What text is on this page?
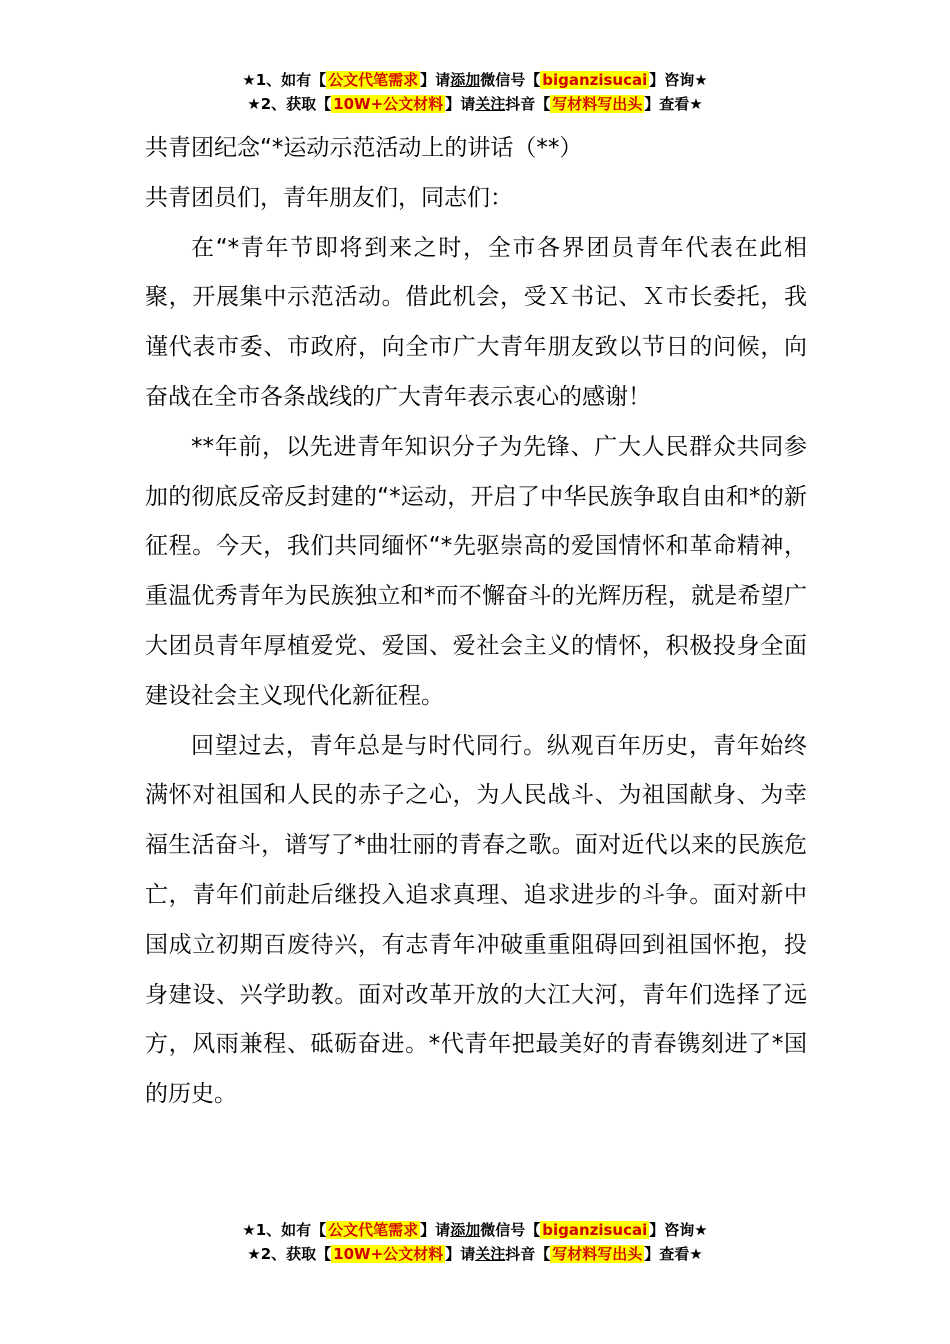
★1、如有【 公文代笔需求 】请添加微信号【 biganzisucai 】咨询★
★2、获取【 10W+公文材料 】请关注抖音【 写材料写出头 】查看★

共青团纪念“*运动示范活动上的讲话（**）

共青团员们，青年朋友们，同志们：

在“*青年节即将到来之时，全市各界团员青年代表在此相聚，开展集中示范活动。借此机会，受Ｘ书记、Ｘ市长委托，我谨代表市委、市政府，向全市广大青年朋友致以节日的问候，向奋战在全市各条战线的广大青年表示衷心的感谢！

**年前，以先进青年知识分子为先锋、广大人民群众共同参加的彻底反帝反封建的“*运动，开启了中华民族争取自由和*的新征程。今天，我们共同缅怀“*先驱崇高的爱国情怀和革命精神，重温优秀青年为民族独立和*而不懈奋斗的光辉历程，就是希望广大团员青年厚植爱党、爱国、爱社会主义的情怀，积极投身全面建设社会主义现代化新征程。

回望过去，青年总是与时代同行。纵观百年历史，青年始终满怀对祖国和人民的赤子之心，为人民战斗、为祖国献身、为幸福生活奋斗，谱写了*曲壮丽的青春之歌。面对近代以来的民族危亡，青年们前赴后继投入追求真理、追求进步的斗争。面对新中国成立初期百废待兴，有志青年冲破重重阻碍回到祖国怀抱，投身建设、兴学助教。面对改革开放的大江大河，青年们选择了远方，风雨兼程、砥砺奋进。*代青年把最美好的青春镌刻进了*国的历史。

★1、如有【 公文代笔需求 】请添加微信号【 biganzisucai 】咨询★
★2、获取【 10W+公文材料 】请关注抖音【 写材料写出头 】查看★
